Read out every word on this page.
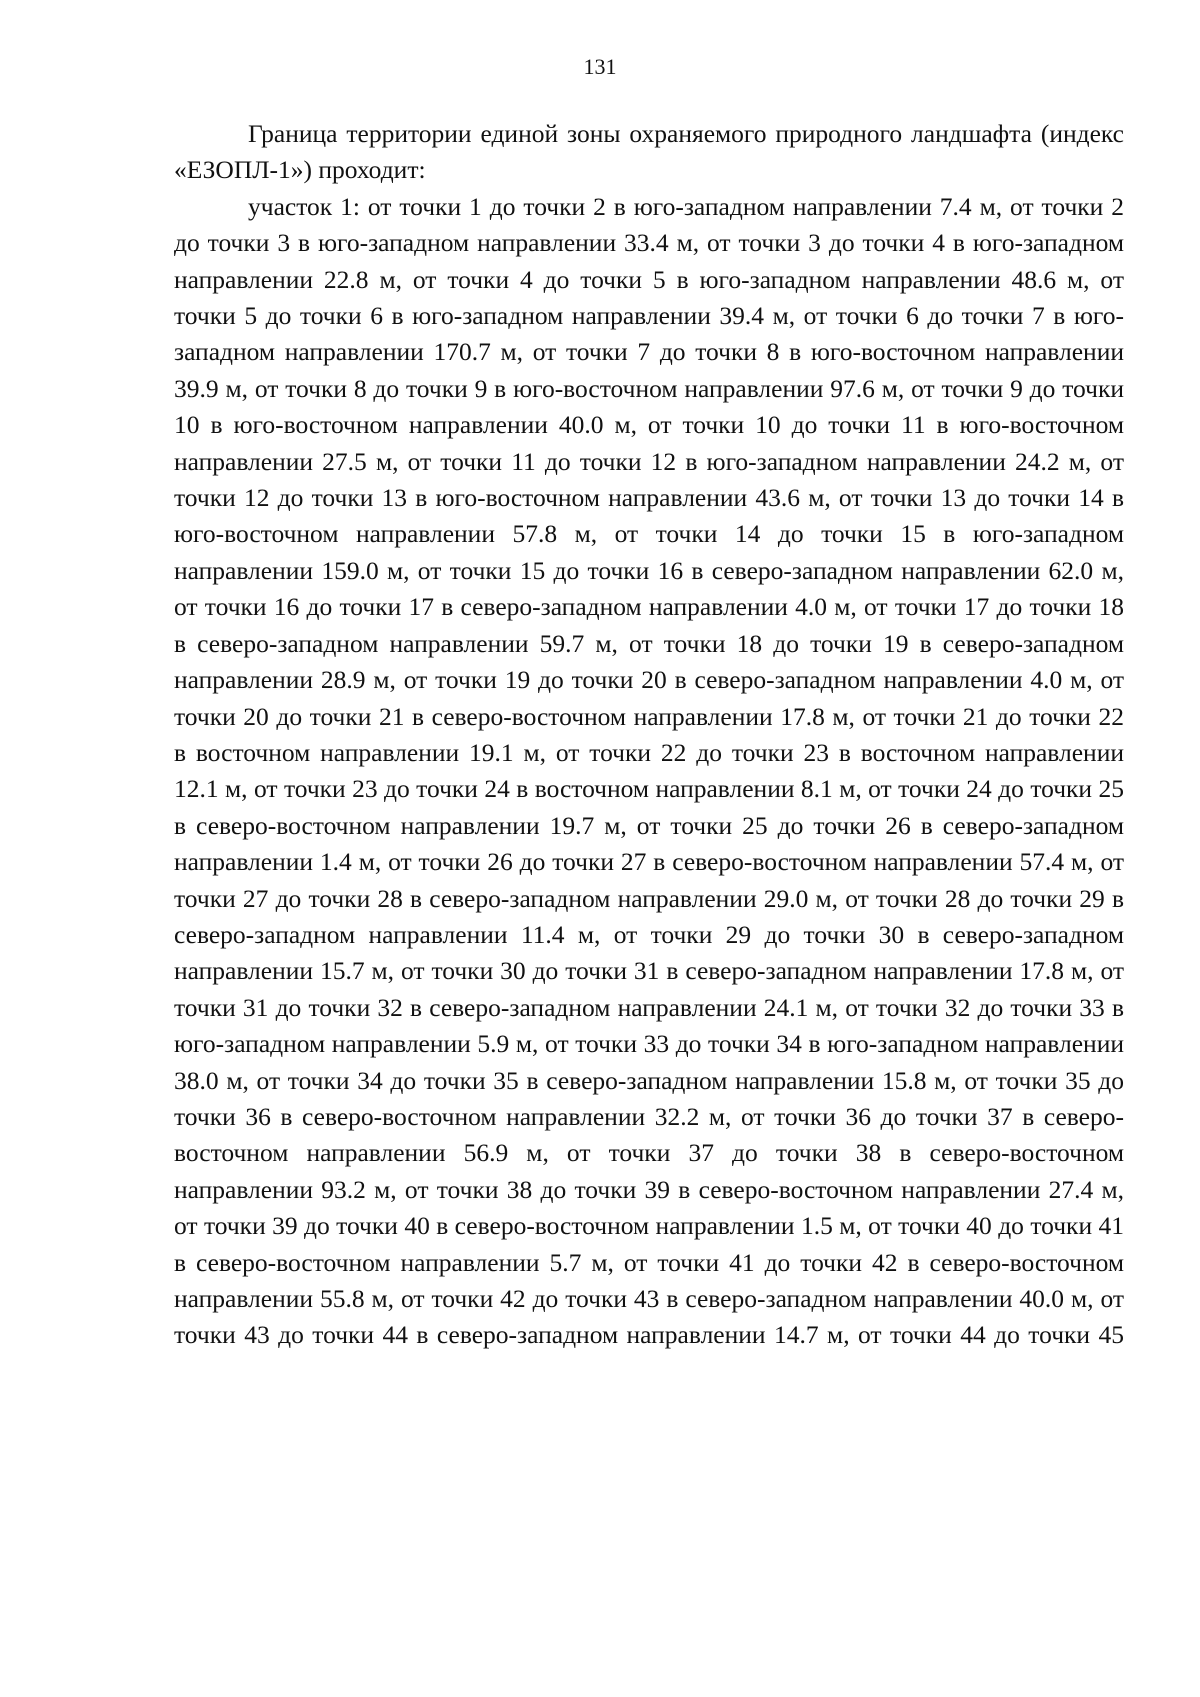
131

Граница территории единой зоны охраняемого природного ландшафта (индекс «ЕЗОПЛ-1») проходит:

участок 1: от точки 1 до точки 2 в юго-западном направлении 7.4 м, от точки 2 до точки 3 в юго-западном направлении 33.4 м, от точки 3 до точки 4 в юго-западном направлении 22.8 м, от точки 4 до точки 5 в юго-западном направлении 48.6 м, от точки 5 до точки 6 в юго-западном направлении 39.4 м, от точки 6 до точки 7 в юго-западном направлении 170.7 м, от точки 7 до точки 8 в юго-восточном направлении 39.9 м, от точки 8 до точки 9 в юго-восточном направлении 97.6 м, от точки 9 до точки 10 в юго-восточном направлении 40.0 м, от точки 10 до точки 11 в юго-восточном направлении 27.5 м, от точки 11 до точки 12 в юго-западном направлении 24.2 м, от точки 12 до точки 13 в юго-восточном направлении 43.6 м, от точки 13 до точки 14 в юго-восточном направлении 57.8 м, от точки 14 до точки 15 в юго-западном направлении 159.0 м, от точки 15 до точки 16 в северо-западном направлении 62.0 м, от точки 16 до точки 17 в северо-западном направлении 4.0 м, от точки 17 до точки 18 в северо-западном направлении 59.7 м, от точки 18 до точки 19 в северо-западном направлении 28.9 м, от точки 19 до точки 20 в северо-западном направлении 4.0 м, от точки 20 до точки 21 в северо-восточном направлении 17.8 м, от точки 21 до точки 22 в восточном направлении 19.1 м, от точки 22 до точки 23 в восточном направлении 12.1 м, от точки 23 до точки 24 в восточном направлении 8.1 м, от точки 24 до точки 25 в северо-восточном направлении 19.7 м, от точки 25 до точки 26 в северо-западном направлении 1.4 м, от точки 26 до точки 27 в северо-восточном направлении 57.4 м, от точки 27 до точки 28 в северо-западном направлении 29.0 м, от точки 28 до точки 29 в северо-западном направлении 11.4 м, от точки 29 до точки 30 в северо-западном направлении 15.7 м, от точки 30 до точки 31 в северо-западном направлении 17.8 м, от точки 31 до точки 32 в северо-западном направлении 24.1 м, от точки 32 до точки 33 в юго-западном направлении 5.9 м, от точки 33 до точки 34 в юго-западном направлении 38.0 м, от точки 34 до точки 35 в северо-западном направлении 15.8 м, от точки 35 до точки 36 в северо-восточном направлении 32.2 м, от точки 36 до точки 37 в северо-восточном направлении 56.9 м, от точки 37 до точки 38 в северо-восточном направлении 93.2 м, от точки 38 до точки 39 в северо-восточном направлении 27.4 м, от точки 39 до точки 40 в северо-восточном направлении 1.5 м, от точки 40 до точки 41 в северо-восточном направлении 5.7 м, от точки 41 до точки 42 в северо-восточном направлении 55.8 м, от точки 42 до точки 43 в северо-западном направлении 40.0 м, от точки 43 до точки 44 в северо-западном направлении 14.7 м, от точки 44 до точки 45
